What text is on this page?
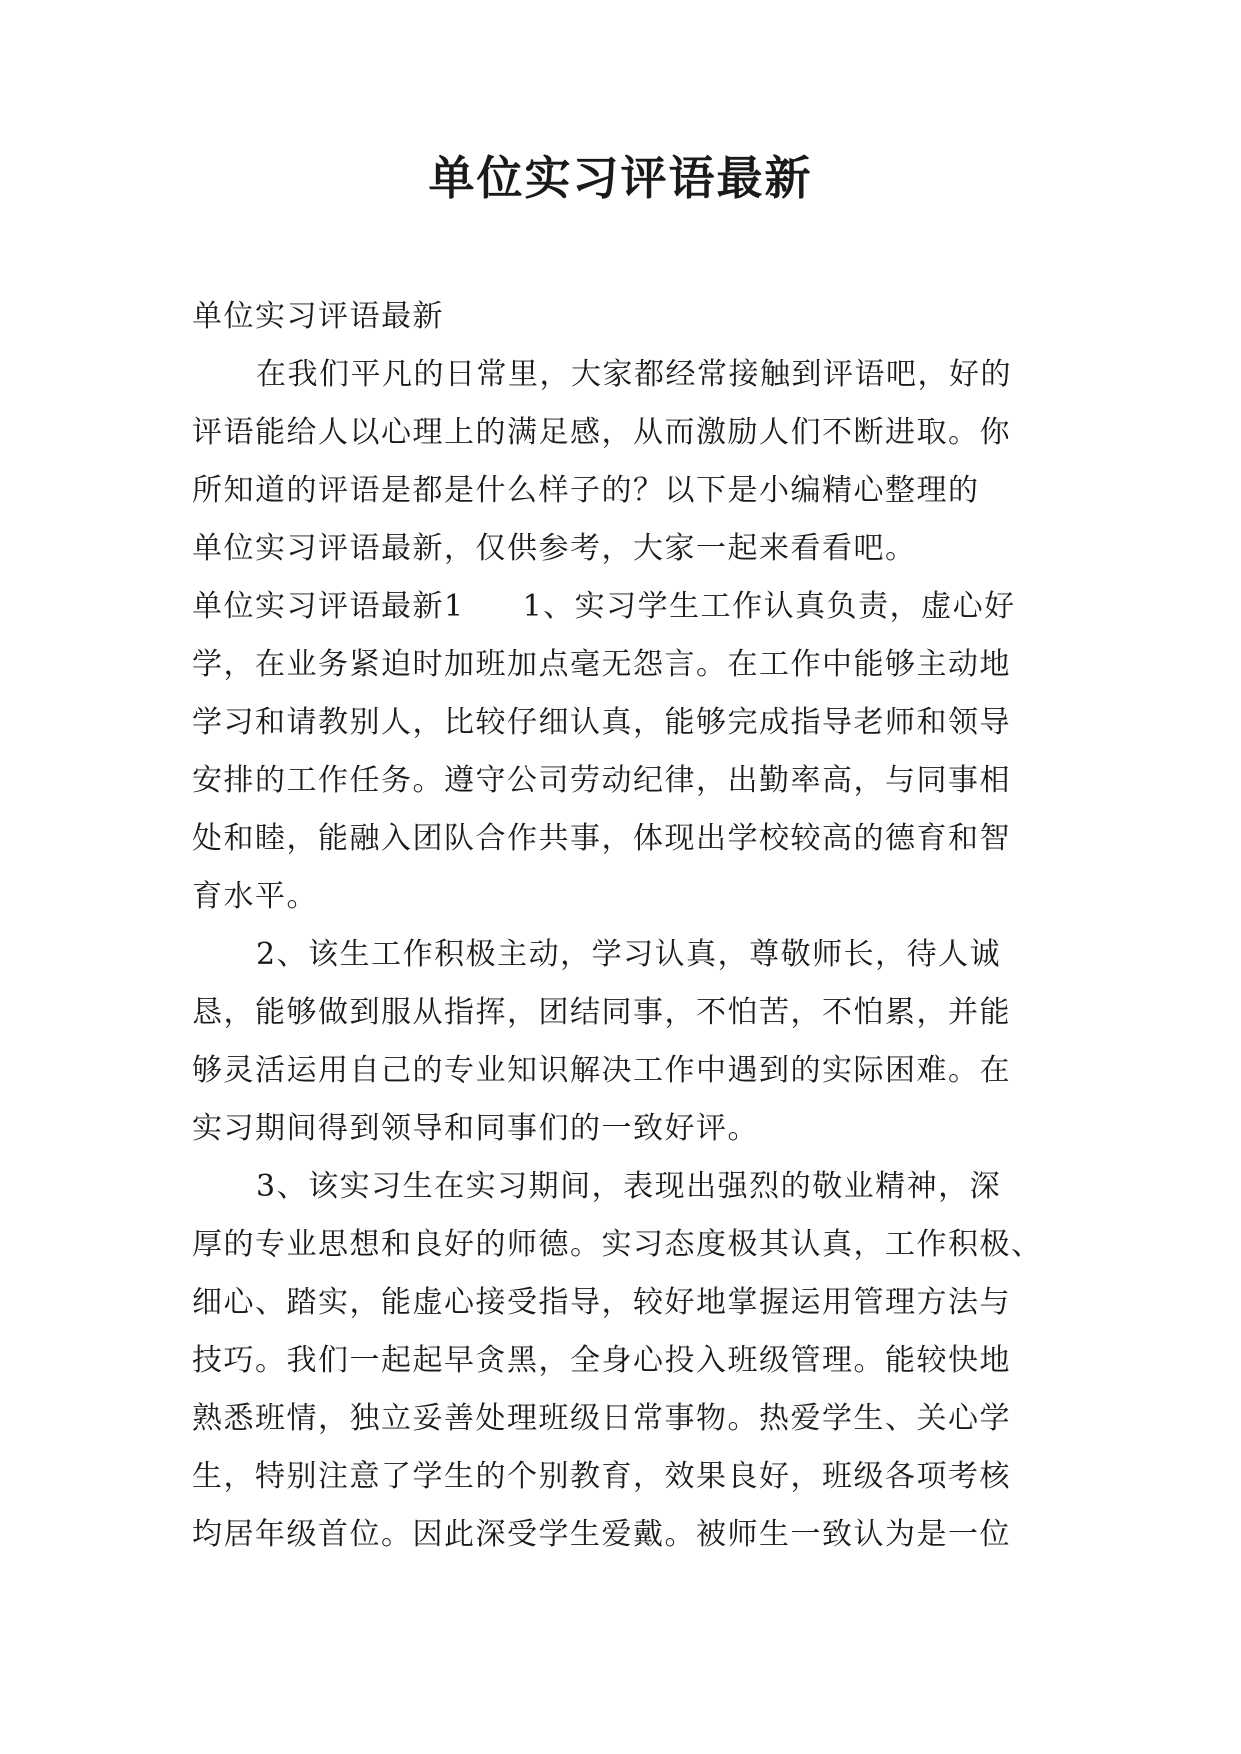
单位实习评语最新
单位实习评语最新
在我们平凡的日常里，大家都经常接触到评语吧，好的
评语能给人以心理上的满足感，从而激励人们不断进取。你
所知道的评语是都是什么样子的？以下是小编精心整理的
单位实习评语最新，仅供参考，大家一起来看看吧。
单位实习评语最新1 1、实习学生工作认真负责，虚心好
学，在业务紧迫时加班加点毫无怨言。在工作中能够主动地
学习和请教别人，比较仔细认真，能够完成指导老师和领导
安排的工作任务。遵守公司劳动纪律，出勤率高，与同事相
处和睦，能融入团队合作共事，体现出学校较高的德育和智
育水平。
2、该生工作积极主动，学习认真，尊敬师长，待人诚
恳，能够做到服从指挥，团结同事，不怕苦，不怕累，并能
够灵活运用自己的专业知识解决工作中遇到的实际困难。在
实习期间得到领导和同事们的一致好评。
3、该实习生在实习期间，表现出强烈的敬业精神，深
厚的专业思想和良好的师德。实习态度极其认真，工作积极、
细心、踏实，能虚心接受指导，较好地掌握运用管理方法与
技巧。我们一起起早贪黑，全身心投入班级管理。能较快地
熟悉班情，独立妥善处理班级日常事物。热爱学生、关心学
生，特别注意了学生的个别教育，效果良好，班级各项考核
均居年级首位。因此深受学生爱戴。被师生一致认为是一位
